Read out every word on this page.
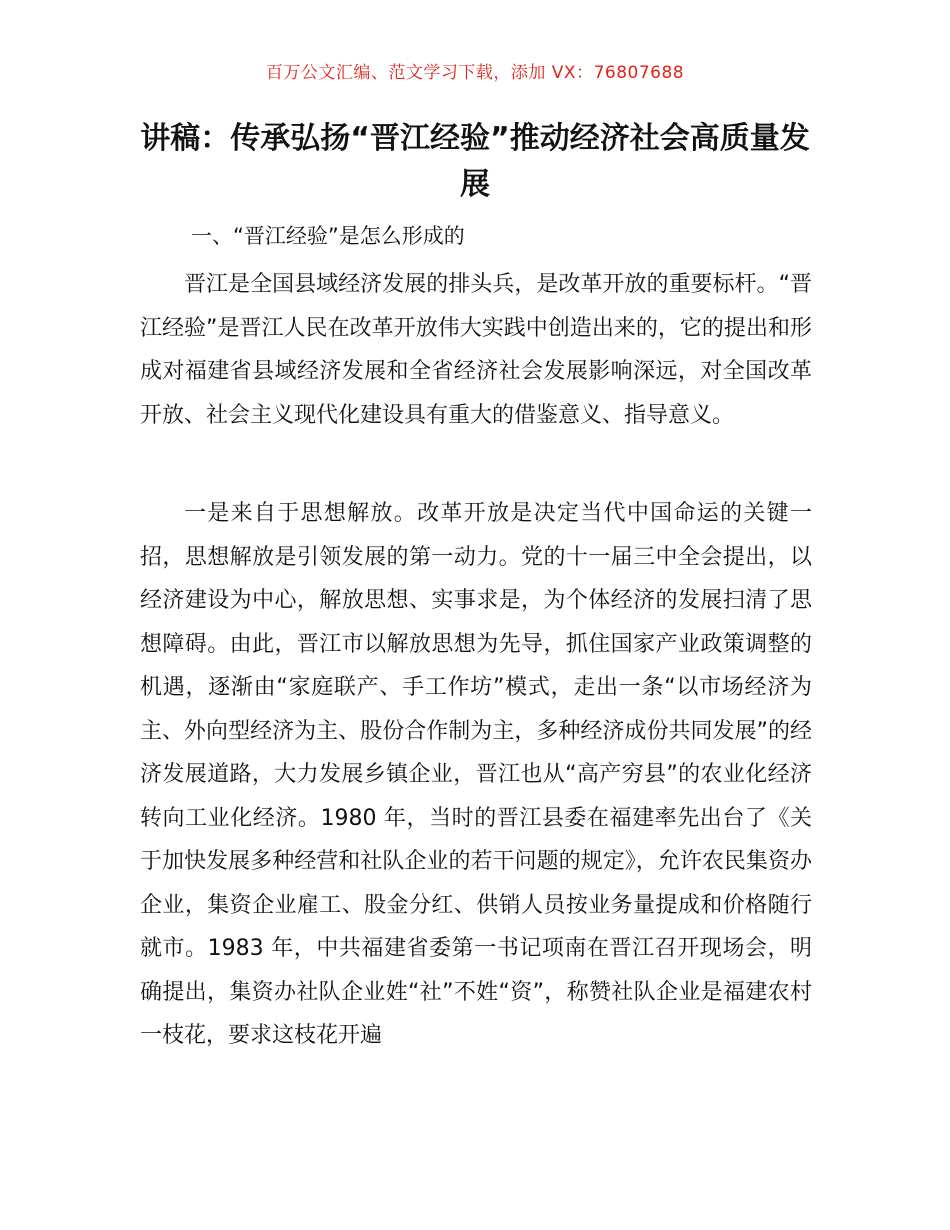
百万公文汇编、范文学习下载，添加 VX：76807688
讲稿：传承弘扬“晋江经验”推动经济社会高质量发展
一、“晋江经验”是怎么形成的

晋江是全国县域经济发展的排头兵，是改革开放的重要标杆。“晋江经验”是晋江人民在改革开放伟大实践中创造出来的，它的提出和形成对福建省县域经济发展和全省经济社会发展影响深远，对全国改革开放、社会主义现代化建设具有重大的借鉴意义、指导意义。

一是来自于思想解放。改革开放是决定当代中国命运的关键一招，思想解放是引领发展的第一动力。党的十一届三中全会提出，以经济建设为中心，解放思想、实事求是，为个体经济的发展扫清了思想障碍。由此，晋江市以解放思想为先导，抓住国家产业政策调整的机遇，逐渐由“家庭联产、手工作坊”模式，走出一条“以市场经济为主、外向型经济为主、股份合作制为主，多种经济成份共同发展”的经济发展道路，大力发展乡镇企业，晋江也从“高产穷县”的农业化经济转向工业化经济。1980 年，当时的晋江县委在福建率先出台了《关于加快发展多种经营和社队企业的若干问题的规定》，允许农民集资办企业，集资企业雇工、股金分红、供销人员按业务量提成和价格随行就市。1983 年，中共福建省委第一书记项南在晋江召开现场会，明确提出，集资办社队企业姓“社”不姓“资”，称赞社队企业是福建农村一枝花，要求这枝花开遍
